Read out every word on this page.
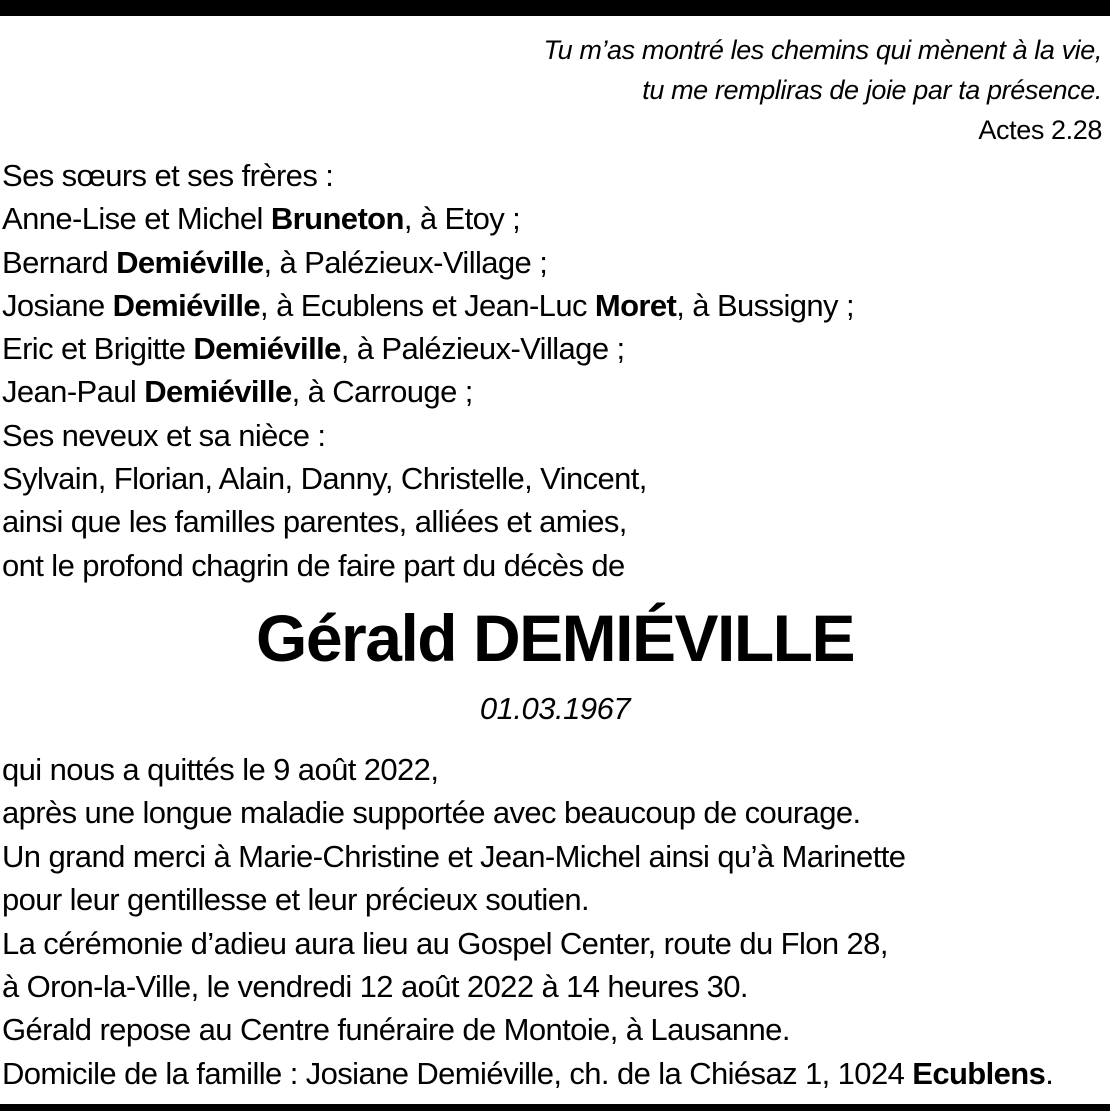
Tu m’as montré les chemins qui mènent à la vie,
tu me rempliras de joie par ta présence.
Actes 2.28
Ses sœurs et ses frères :
Anne-Lise et Michel Bruneton, à Etoy ;
Bernard Demiéville, à Palézieux-Village ;
Josiane Demiéville, à Ecublens et Jean-Luc Moret, à Bussigny ;
Eric et Brigitte Demiéville, à Palézieux-Village ;
Jean-Paul Demiéville, à Carrouge ;
Ses neveux et sa nièce :
Sylvain, Florian, Alain, Danny, Christelle, Vincent,
ainsi que les familles parentes, alliées et amies,
ont le profond chagrin de faire part du décès de
Gérald DEMIÉVILLE
01.03.1967
qui nous a quittés le 9 août 2022,
après une longue maladie supportée avec beaucoup de courage.
Un grand merci à Marie-Christine et Jean-Michel ainsi qu’à Marinette
pour leur gentillesse et leur précieux soutien.
La cérémonie d’adieu aura lieu au Gospel Center, route du Flon 28,
à Oron-la-Ville, le vendredi 12 août 2022 à 14 heures 30.
Gérald repose au Centre funéraire de Montoie, à Lausanne.
Domicile de la famille : Josiane Demiéville, ch. de la Chiésaz 1, 1024 Ecublens.
